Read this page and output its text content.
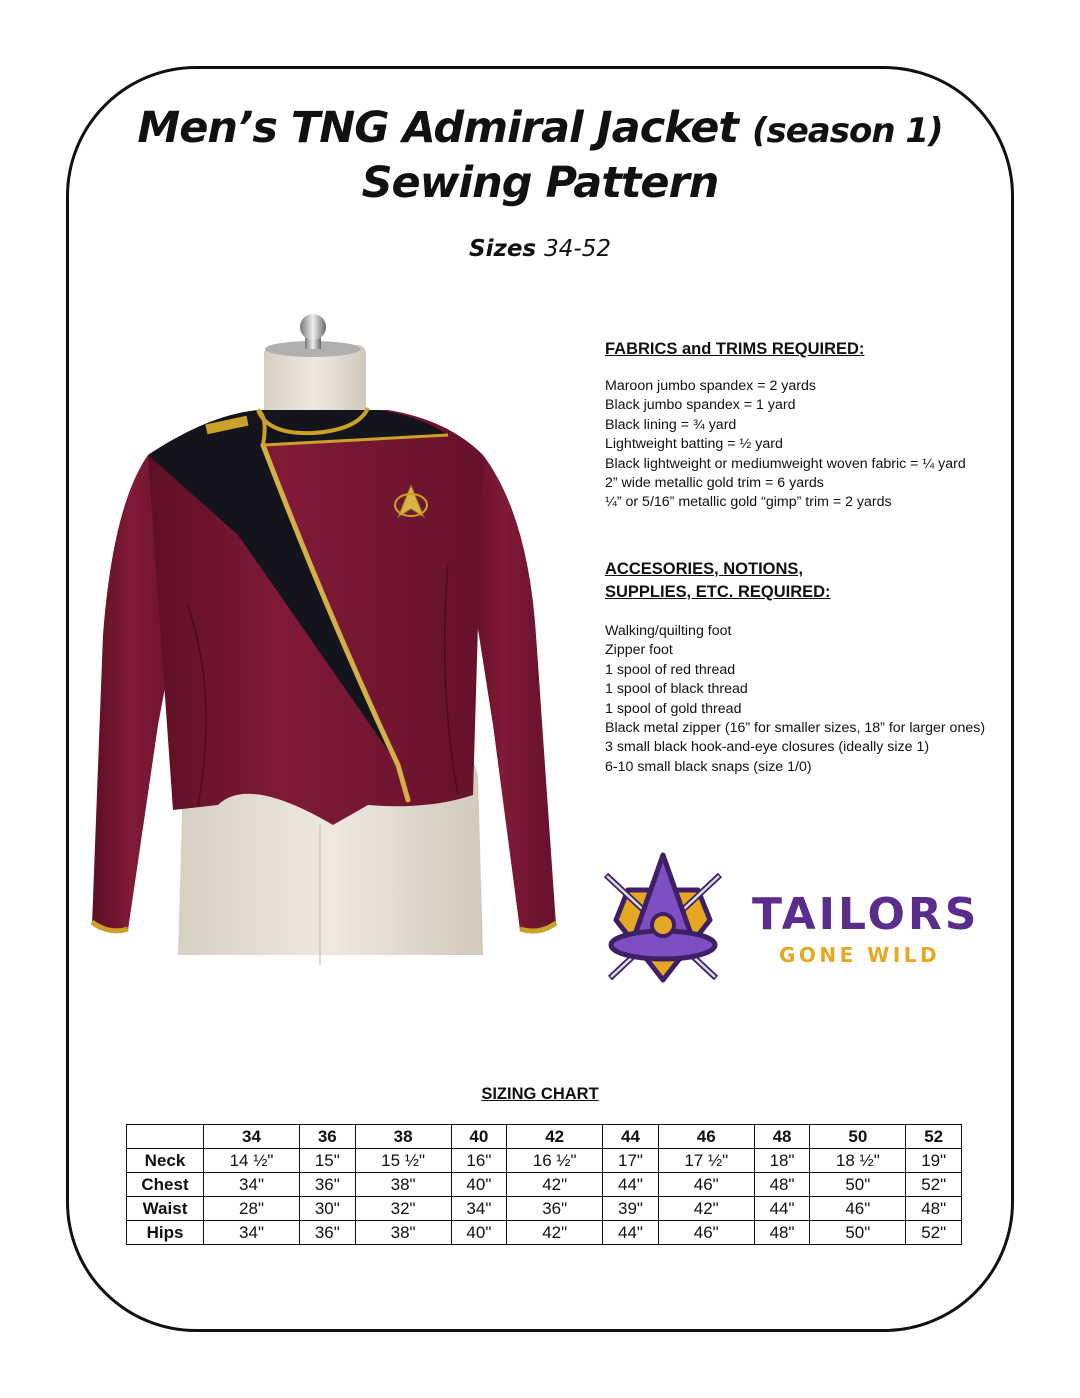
Men’s TNG Admiral Jacket (season 1)
Sewing Pattern
Sizes 34-52
FABRICS and TRIMS REQUIRED:
Maroon jumbo spandex = 2 yards
Black jumbo spandex = 1 yard
Black lining = ¾ yard
Lightweight batting = ½ yard
Black lightweight or mediumweight woven fabric = ¼ yard
2” wide metallic gold trim = 6 yards
¼” or 5/16” metallic gold “gimp” trim = 2 yards
ACCESORIES, NOTIONS,
SUPPLIES, ETC. REQUIRED:
Walking/quilting foot
Zipper foot
1 spool of red thread
1 spool of black thread
1 spool of gold thread
Black metal zipper (16” for smaller sizes, 18” for larger ones)
3 small black hook-and-eye closures (ideally size 1)
6-10 small black snaps (size 1/0)
TAILORS
GONE WILD
SIZING CHART
	34	36	38	40	42	44	46	48	50	52
Neck	14 ½"	15"	15 ½"	16"	16 ½"	17"	17 ½"	18"	18 ½"	19"
Chest	34"	36"	38"	40"	42"	44"	46"	48"	50"	52"
Waist	28"	30"	32"	34"	36"	39"	42"	44"	46"	48"
Hips	34"	36"	38"	40"	42"	44"	46"	48"	50"	52"
